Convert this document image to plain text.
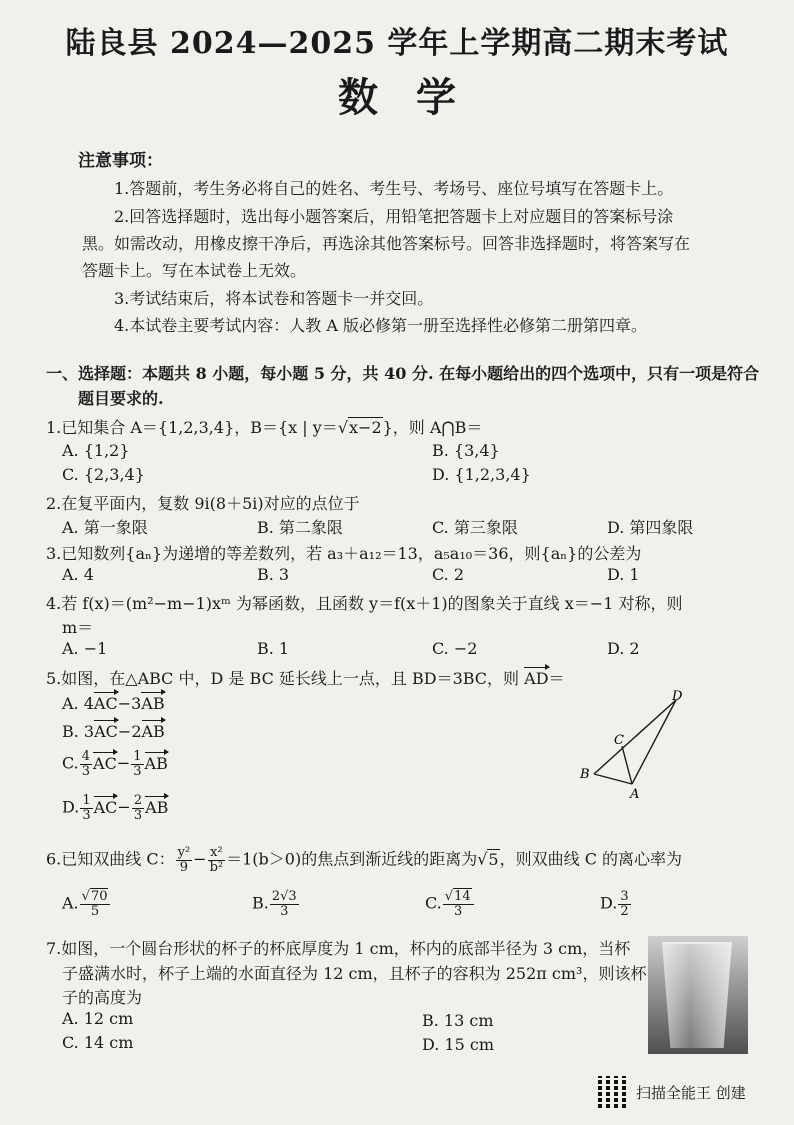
陆良县 2024—2025 学年上学期高二期末考试
数学
注意事项：
1.答题前，考生务必将自己的姓名、考生号、考场号、座位号填写在答题卡上。
2.回答选择题时，选出每小题答案后，用铅笔把答题卡上对应题目的答案标号涂
黑。如需改动，用橡皮擦干净后，再选涂其他答案标号。回答非选择题时，将答案写在
答题卡上。写在本试卷上无效。
3.考试结束后，将本试卷和答题卡一并交回。
4.本试卷主要考试内容：人教 A 版必修第一册至选择性必修第二册第四章。
一、选择题：本题共 8 小题，每小题 5 分，共 40 分. 在每小题给出的四个选项中，只有一项是符合
题目要求的.
1.已知集合 A＝{1,2,3,4}，B＝{x | y＝√x−2}，则 A⋂B＝
A. {1,2}	B. {3,4}
C. {2,3,4}	D. {1,2,3,4}
2.在复平面内，复数 9i(8＋5i)对应的点位于
A. 第一象限	B. 第二象限	C. 第三象限	D. 第四象限
3.已知数列{aₙ}为递增的等差数列，若 a₃＋a₁₂＝13，a₅a₁₀＝36，则{aₙ}的公差为
A. 4	B. 3	C. 2	D. 1
4.若 f(x)＝(m²−m−1)xᵐ 为幂函数，且函数 y＝f(x＋1)的图象关于直线 x＝−1 对称，则
m＝
A. −1	B. 1	C. −2	D. 2
5.如图，在△ABC 中，D 是 BC 延长线上一点，且 BD＝3BC，则 AD＝
A. 4AC−3AB
B. 3AC−2AB
C. $\frac{4}{3} AC- \frac{1}{3}$ AB
D. $\frac{1}{3} AC- \frac{2}{3}$ AB
B
A
C
D
6.已知双曲线 C： $\frac{\text{y²}}{9} - \frac{\text{x²}}{\text{b²}} =1(b>0)$的焦点到渐近线的距离为√5，则双曲线 C 的离心率为
A. $\frac{√70}{5}$	B. $\frac{2√3}{3}$	C. $\frac{√14}{3}$	D. $\frac{3}{2}$
7.如图，一个圆台形状的杯子的杯底厚度为 1 cm，杯内的底部半径为 3 cm，当杯
子盛满水时，杯子上端的水面直径为 12 cm，且杯子的容积为 252π cm³，则该杯
子的高度为
A. 12 cm	B. 13 cm
C. 14 cm	D. 15 cm
扫描全能王 创建
